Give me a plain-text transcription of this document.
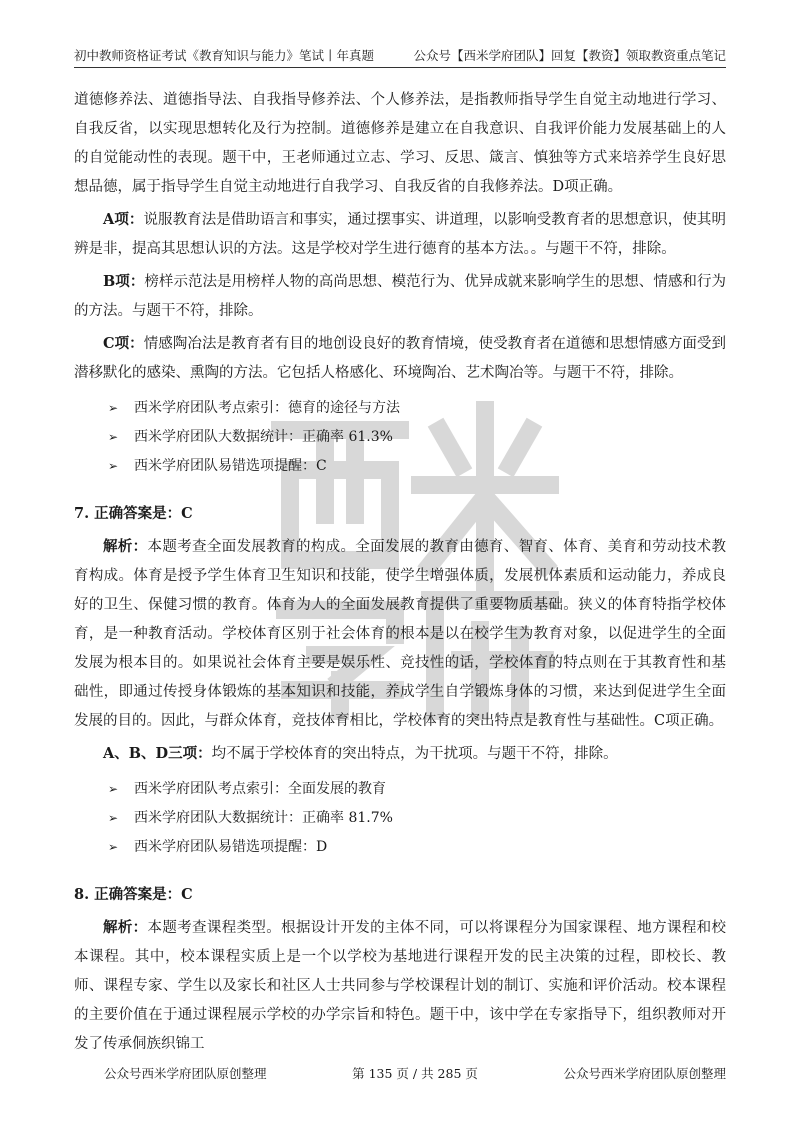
初中教师资格证考试《教育知识与能力》笔试丨年真题	公众号【西米学府团队】回复【教资】领取教资重点笔记

道德修养法、道德指导法、自我指导修养法、个人修养法，是指教师指导学生自觉主动地进行学习、自我反省，以实现思想转化及行为控制。道德修养是建立在自我意识、自我评价能力发展基础上的人的自觉能动性的表现。题干中，王老师通过立志、学习、反思、箴言、慎独等方式来培养学生良好思想品德，属于指导学生自觉主动地进行自我学习、自我反省的自我修养法。D项正确。

A项：说服教育法是借助语言和事实，通过摆事实、讲道理，以影响受教育者的思想意识，使其明辨是非，提高其思想认识的方法。这是学校对学生进行德育的基本方法。。与题干不符，排除。

B项：榜样示范法是用榜样人物的高尚思想、模范行为、优异成就来影响学生的思想、情感和行为的方法。与题干不符，排除。

C项：情感陶冶法是教育者有目的地创设良好的教育情境，使受教育者在道德和思想情感方面受到潜移默化的感染、熏陶的方法。它包括人格感化、环境陶冶、艺术陶冶等。与题干不符，排除。

➢	西米学府团队考点索引：德育的途径与方法
➢	西米学府团队大数据统计：正确率 61.3%
➢	西米学府团队易错选项提醒：C
7. 正确答案是：C

解析：本题考查全面发展教育的构成。全面发展的教育由德育、智育、体育、美育和劳动技术教育构成。体育是授予学生体育卫生知识和技能，使学生增强体质，发展机体素质和运动能力，养成良好的卫生、保健习惯的教育。体育为人的全面发展教育提供了重要物质基础。狭义的体育特指学校体育，是一种教育活动。学校体育区别于社会体育的根本是以在校学生为教育对象，以促进学生的全面发展为根本目的。如果说社会体育主要是娱乐性、竞技性的话，学校体育的特点则在于其教育性和基础性，即通过传授身体锻炼的基本知识和技能，养成学生自学锻炼身体的习惯，来达到促进学生全面发展的目的。因此，与群众体育，竞技体育相比，学校体育的突出特点是教育性与基础性。C项正确。

A、B、D三项：均不属于学校体育的突出特点，为干扰项。与题干不符，排除。

➢	西米学府团队考点索引：全面发展的教育
➢	西米学府团队大数据统计：正确率 81.7%
➢	西米学府团队易错选项提醒：D
8. 正确答案是：C

解析：本题考查课程类型。根据设计开发的主体不同，可以将课程分为国家课程、地方课程和校本课程。其中，校本课程实质上是一个以学校为基地进行课程开发的民主决策的过程，即校长、教师、课程专家、学生以及家长和社区人士共同参与学校课程计划的制订、实施和评价活动。校本课程的主要价值在于通过课程展示学校的办学宗旨和特色。题干中，该中学在专家指导下，组织教师对开发了传承侗族织锦工

公众号西米学府团队原创整理	第 135 页 / 共 285 页	公众号西米学府团队原创整理
